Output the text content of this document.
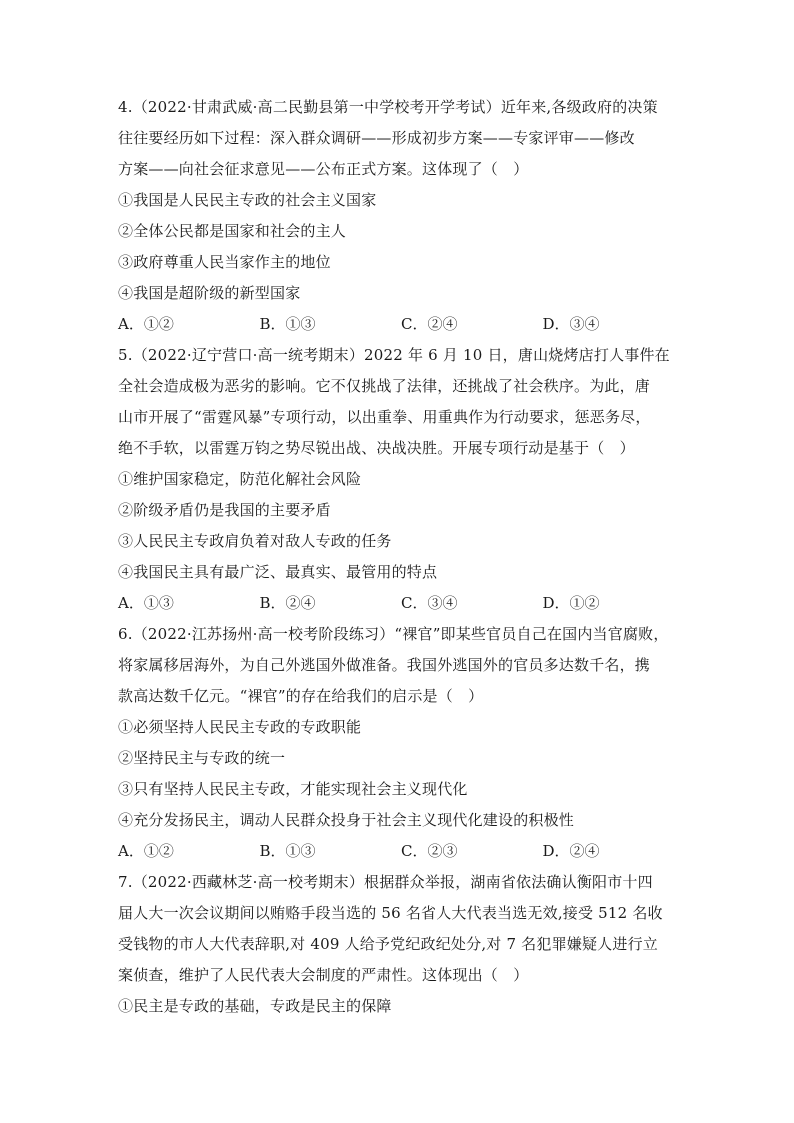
4.（2022·甘肃武威·高二民勤县第一中学校考开学考试）近年来,各级政府的决策
往往要经历如下过程：深入群众调研——形成初步方案——专家评审——修改
方案——向社会征求意见——公布正式方案。这体现了（　）
①我国是人民民主专政的社会主义国家
②全体公民都是国家和社会的主人
③政府尊重人民当家作主的地位
④我国是超阶级的新型国家
A．①②	B．①③	C．②④	D．③④
5.（2022·辽宁营口·高一统考期末）2022 年 6 月 10 日，唐山烧烤店打人事件在
全社会造成极为恶劣的影响。它不仅挑战了法律，还挑战了社会秩序。为此，唐
山市开展了“雷霆风暴”专项行动，以出重拳、用重典作为行动要求，惩恶务尽，
绝不手软，以雷霆万钧之势尽锐出战、决战决胜。开展专项行动是基于（　）
①维护国家稳定，防范化解社会风险
②阶级矛盾仍是我国的主要矛盾
③人民民主专政肩负着对敌人专政的任务
④我国民主具有最广泛、最真实、最管用的特点
A．①③	B．②④	C．③④	D．①②
6.（2022·江苏扬州·高一校考阶段练习）“裸官”即某些官员自己在国内当官腐败，
将家属移居海外，为自己外逃国外做准备。我国外逃国外的官员多达数千名，携
款高达数千亿元。“裸官”的存在给我们的启示是（　）
①必须坚持人民民主专政的专政职能
②坚持民主与专政的统一
③只有坚持人民民主专政，才能实现社会主义现代化
④充分发扬民主，调动人民群众投身于社会主义现代化建设的积极性
A．①②	B．①③	C．②③	D．②④
7.（2022·西藏林芝·高一校考期末）根据群众举报，湖南省依法确认衡阳市十四
届人大一次会议期间以贿赂手段当选的 56 名省人大代表当选无效,接受 512 名收
受钱物的市人大代表辞职,对 409 人给予党纪政纪处分,对 7 名犯罪嫌疑人进行立
案侦查，维护了人民代表大会制度的严肃性。这体现出（　）
①民主是专政的基础，专政是民主的保障
